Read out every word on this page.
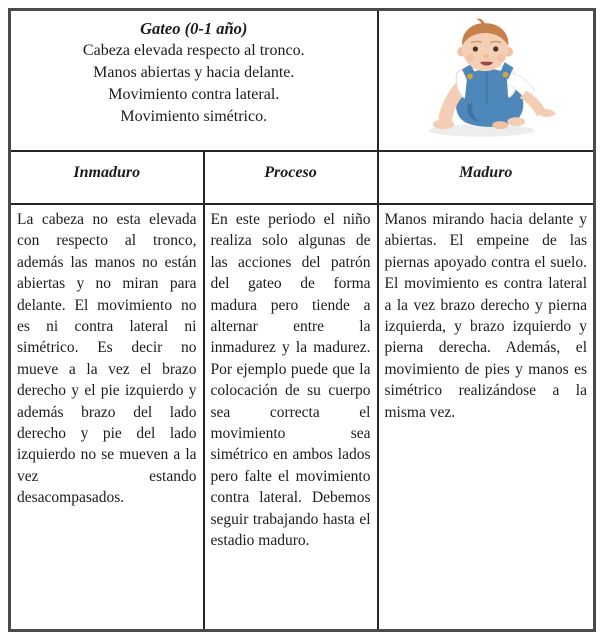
Gateo (0-1 año)
Cabeza elevada respecto al tronco.
Manos abiertas y hacia delante.
Movimiento contra lateral.
Movimiento simétrico.

Inmaduro	Proceso	Maduro
La cabeza no esta elevada con respecto al tronco, además las manos no están abiertas y no miran para delante. El movimiento no es ni contra lateral ni simétrico. Es decir no mueve a la vez el brazo derecho y el pie izquierdo y además brazo del lado derecho y pie del lado izquierdo no se mueven a la vez estando desacompasados.	En este periodo el niño realiza solo algunas de las acciones del patrón del gateo de forma madura pero tiende a alternar entre la inmadurez y la madurez. Por ejemplo puede que la colocación de su cuerpo sea correcta el movimiento sea simétrico en ambos lados pero falte el movimiento contra lateral. Debemos seguir trabajando hasta el estadio maduro.	Manos mirando hacia delante y abiertas. El empeine de las piernas apoyado contra el suelo. El movimiento es contra lateral a la vez brazo derecho y pierna izquierda, y brazo izquierdo y pierna derecha. Además, el movimiento de pies y manos es simétrico realizándose a la misma vez.
